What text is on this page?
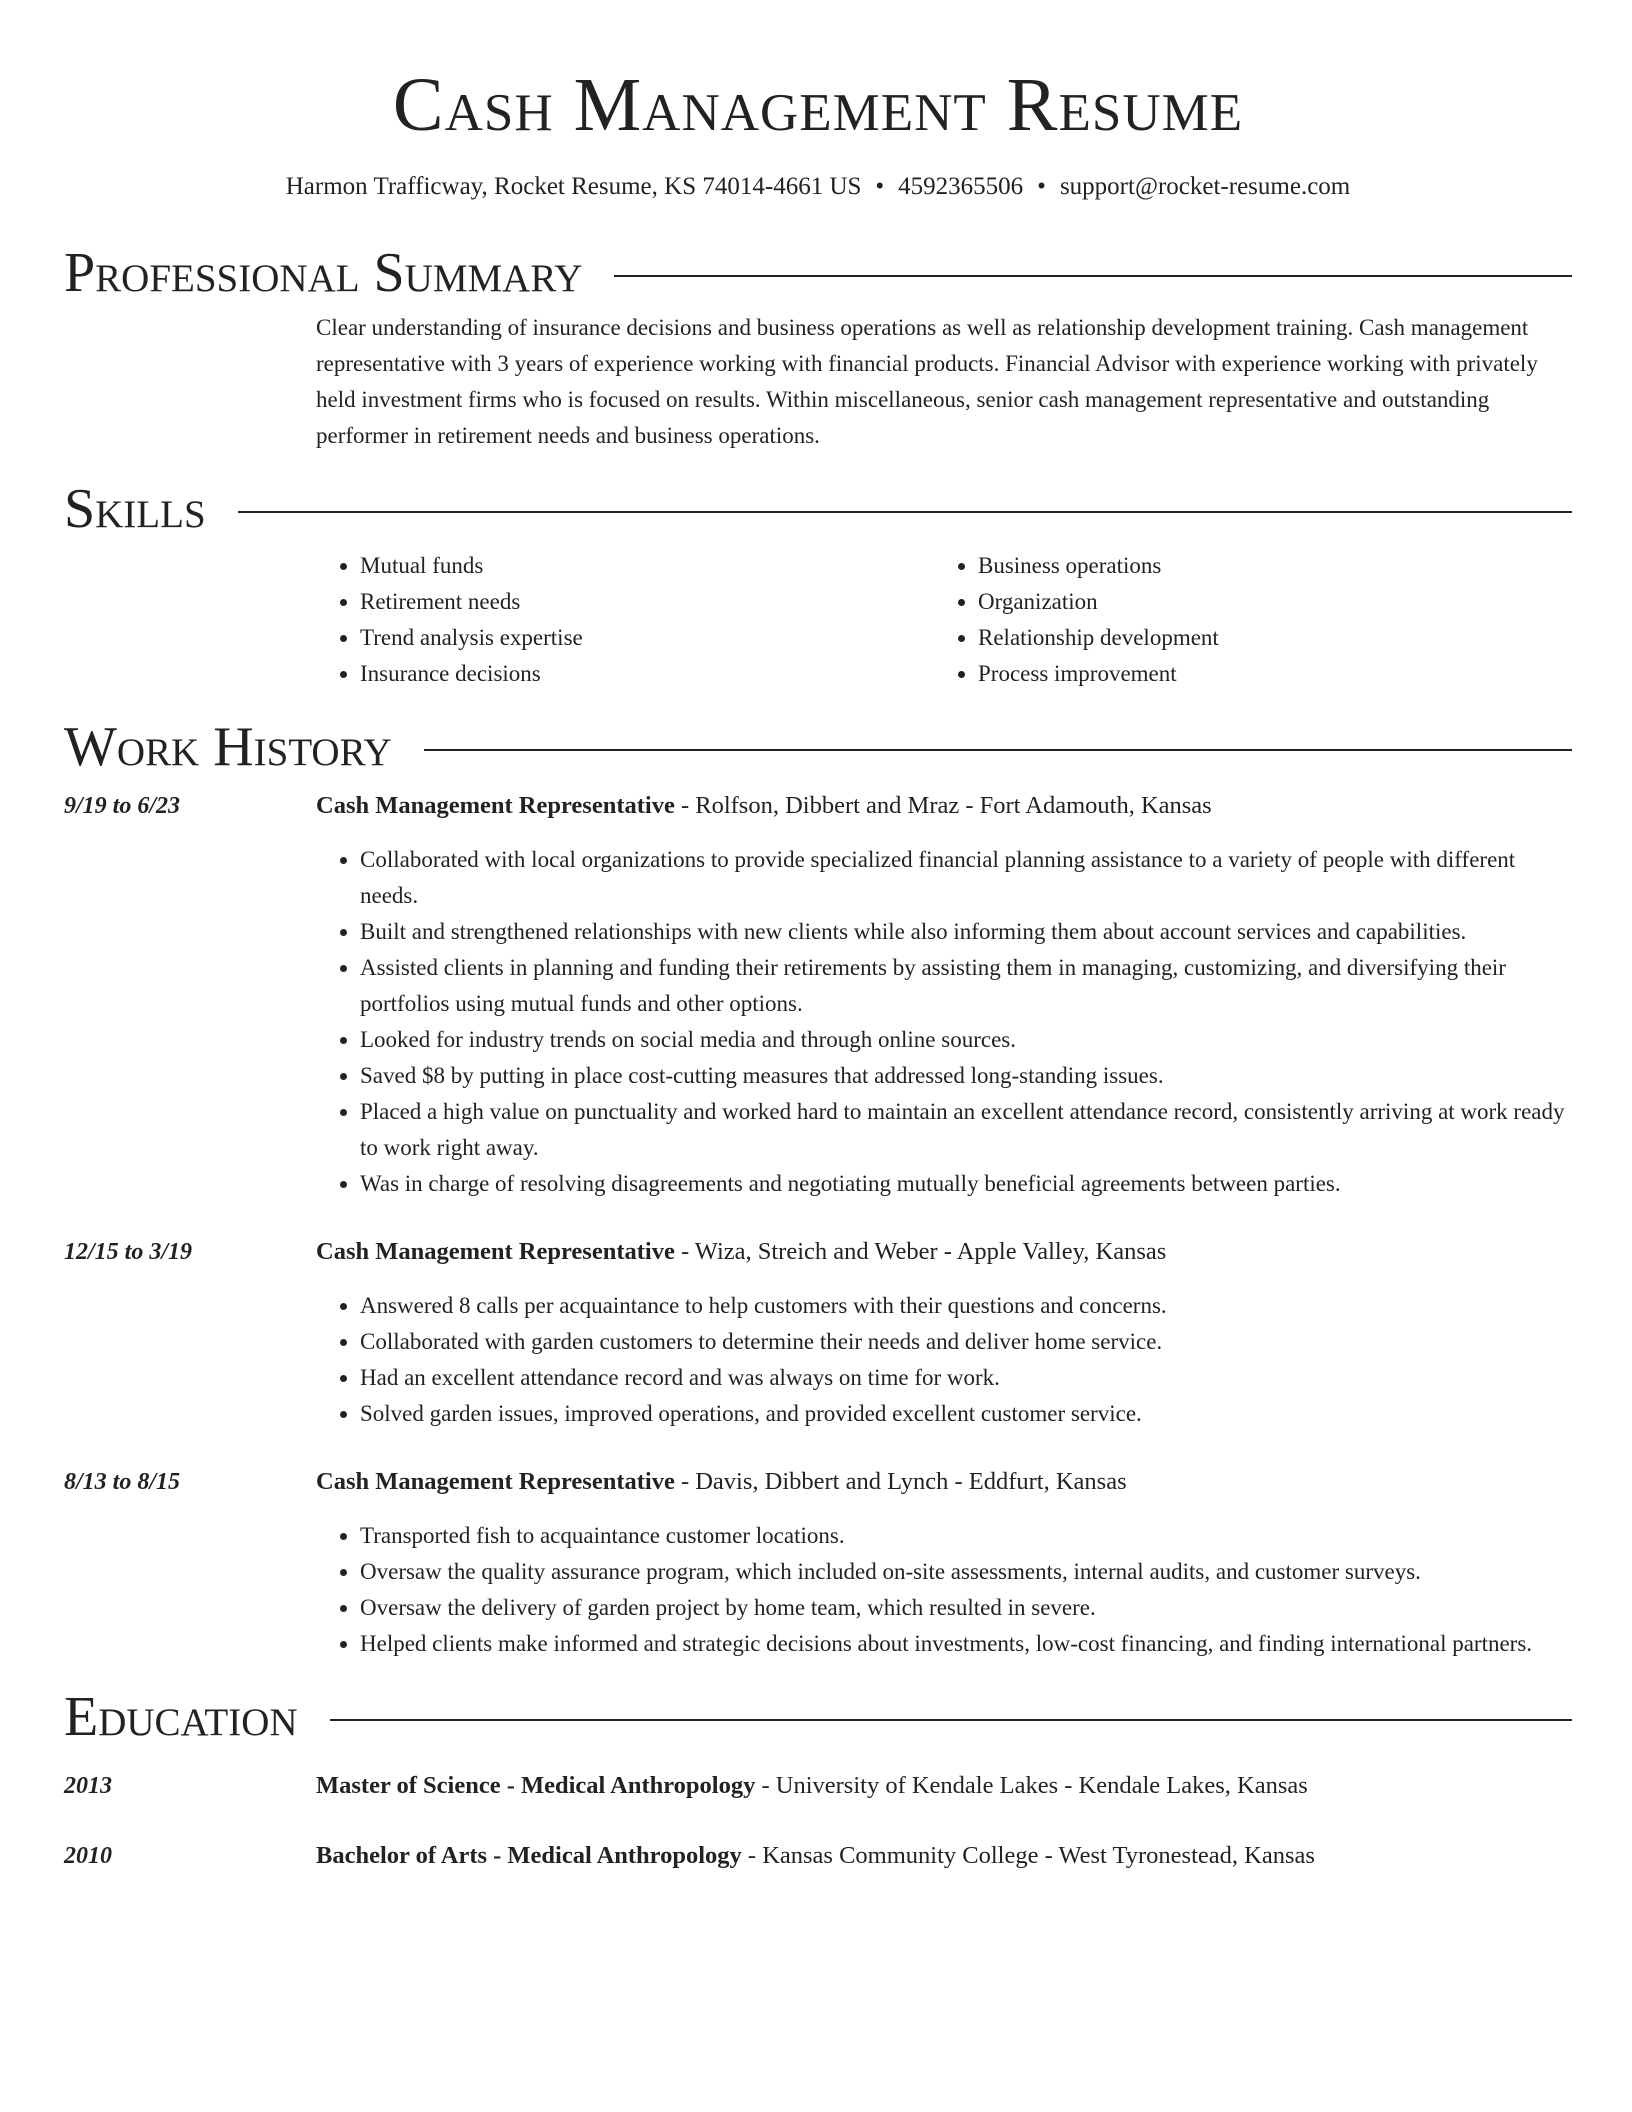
Cash Management Resume
Harmon Trafficway, Rocket Resume, KS 74014-4661 US • 4592365506 • support@rocket-resume.com
Professional Summary

Clear understanding of insurance decisions and business operations as well as relationship development training. Cash management representative with 3 years of experience working with financial products. Financial Advisor with experience working with privately held investment firms who is focused on results. Within miscellaneous, senior cash management representative and outstanding performer in retirement needs and business operations.

Skills
• Mutual funds
• Retirement needs
• Trend analysis expertise
• Insurance decisions
• Business operations
• Organization
• Relationship development
• Process improvement
Work History
9/19 to 6/23	Cash Management Representative - Rolfson, Dibbert and Mraz - Fort Adamouth, Kansas
• Collaborated with local organizations to provide specialized financial planning assistance to a variety of people with different needs.
• Built and strengthened relationships with new clients while also informing them about account services and capabilities.
• Assisted clients in planning and funding their retirements by assisting them in managing, customizing, and diversifying their portfolios using mutual funds and other options.
• Looked for industry trends on social media and through online sources.
• Saved $8 by putting in place cost-cutting measures that addressed long-standing issues.
• Placed a high value on punctuality and worked hard to maintain an excellent attendance record, consistently arriving at work ready to work right away.
• Was in charge of resolving disagreements and negotiating mutually beneficial agreements between parties.
12/15 to 3/19	Cash Management Representative - Wiza, Streich and Weber - Apple Valley, Kansas
• Answered 8 calls per acquaintance to help customers with their questions and concerns.
• Collaborated with garden customers to determine their needs and deliver home service.
• Had an excellent attendance record and was always on time for work.
• Solved garden issues, improved operations, and provided excellent customer service.
8/13 to 8/15	Cash Management Representative - Davis, Dibbert and Lynch - Eddfurt, Kansas
• Transported fish to acquaintance customer locations.
• Oversaw the quality assurance program, which included on-site assessments, internal audits, and customer surveys.
• Oversaw the delivery of garden project by home team, which resulted in severe.
• Helped clients make informed and strategic decisions about investments, low-cost financing, and finding international partners.
Education
2013	Master of Science - Medical Anthropology - University of Kendale Lakes - Kendale Lakes, Kansas
2010	Bachelor of Arts - Medical Anthropology - Kansas Community College - West Tyronestead, Kansas
